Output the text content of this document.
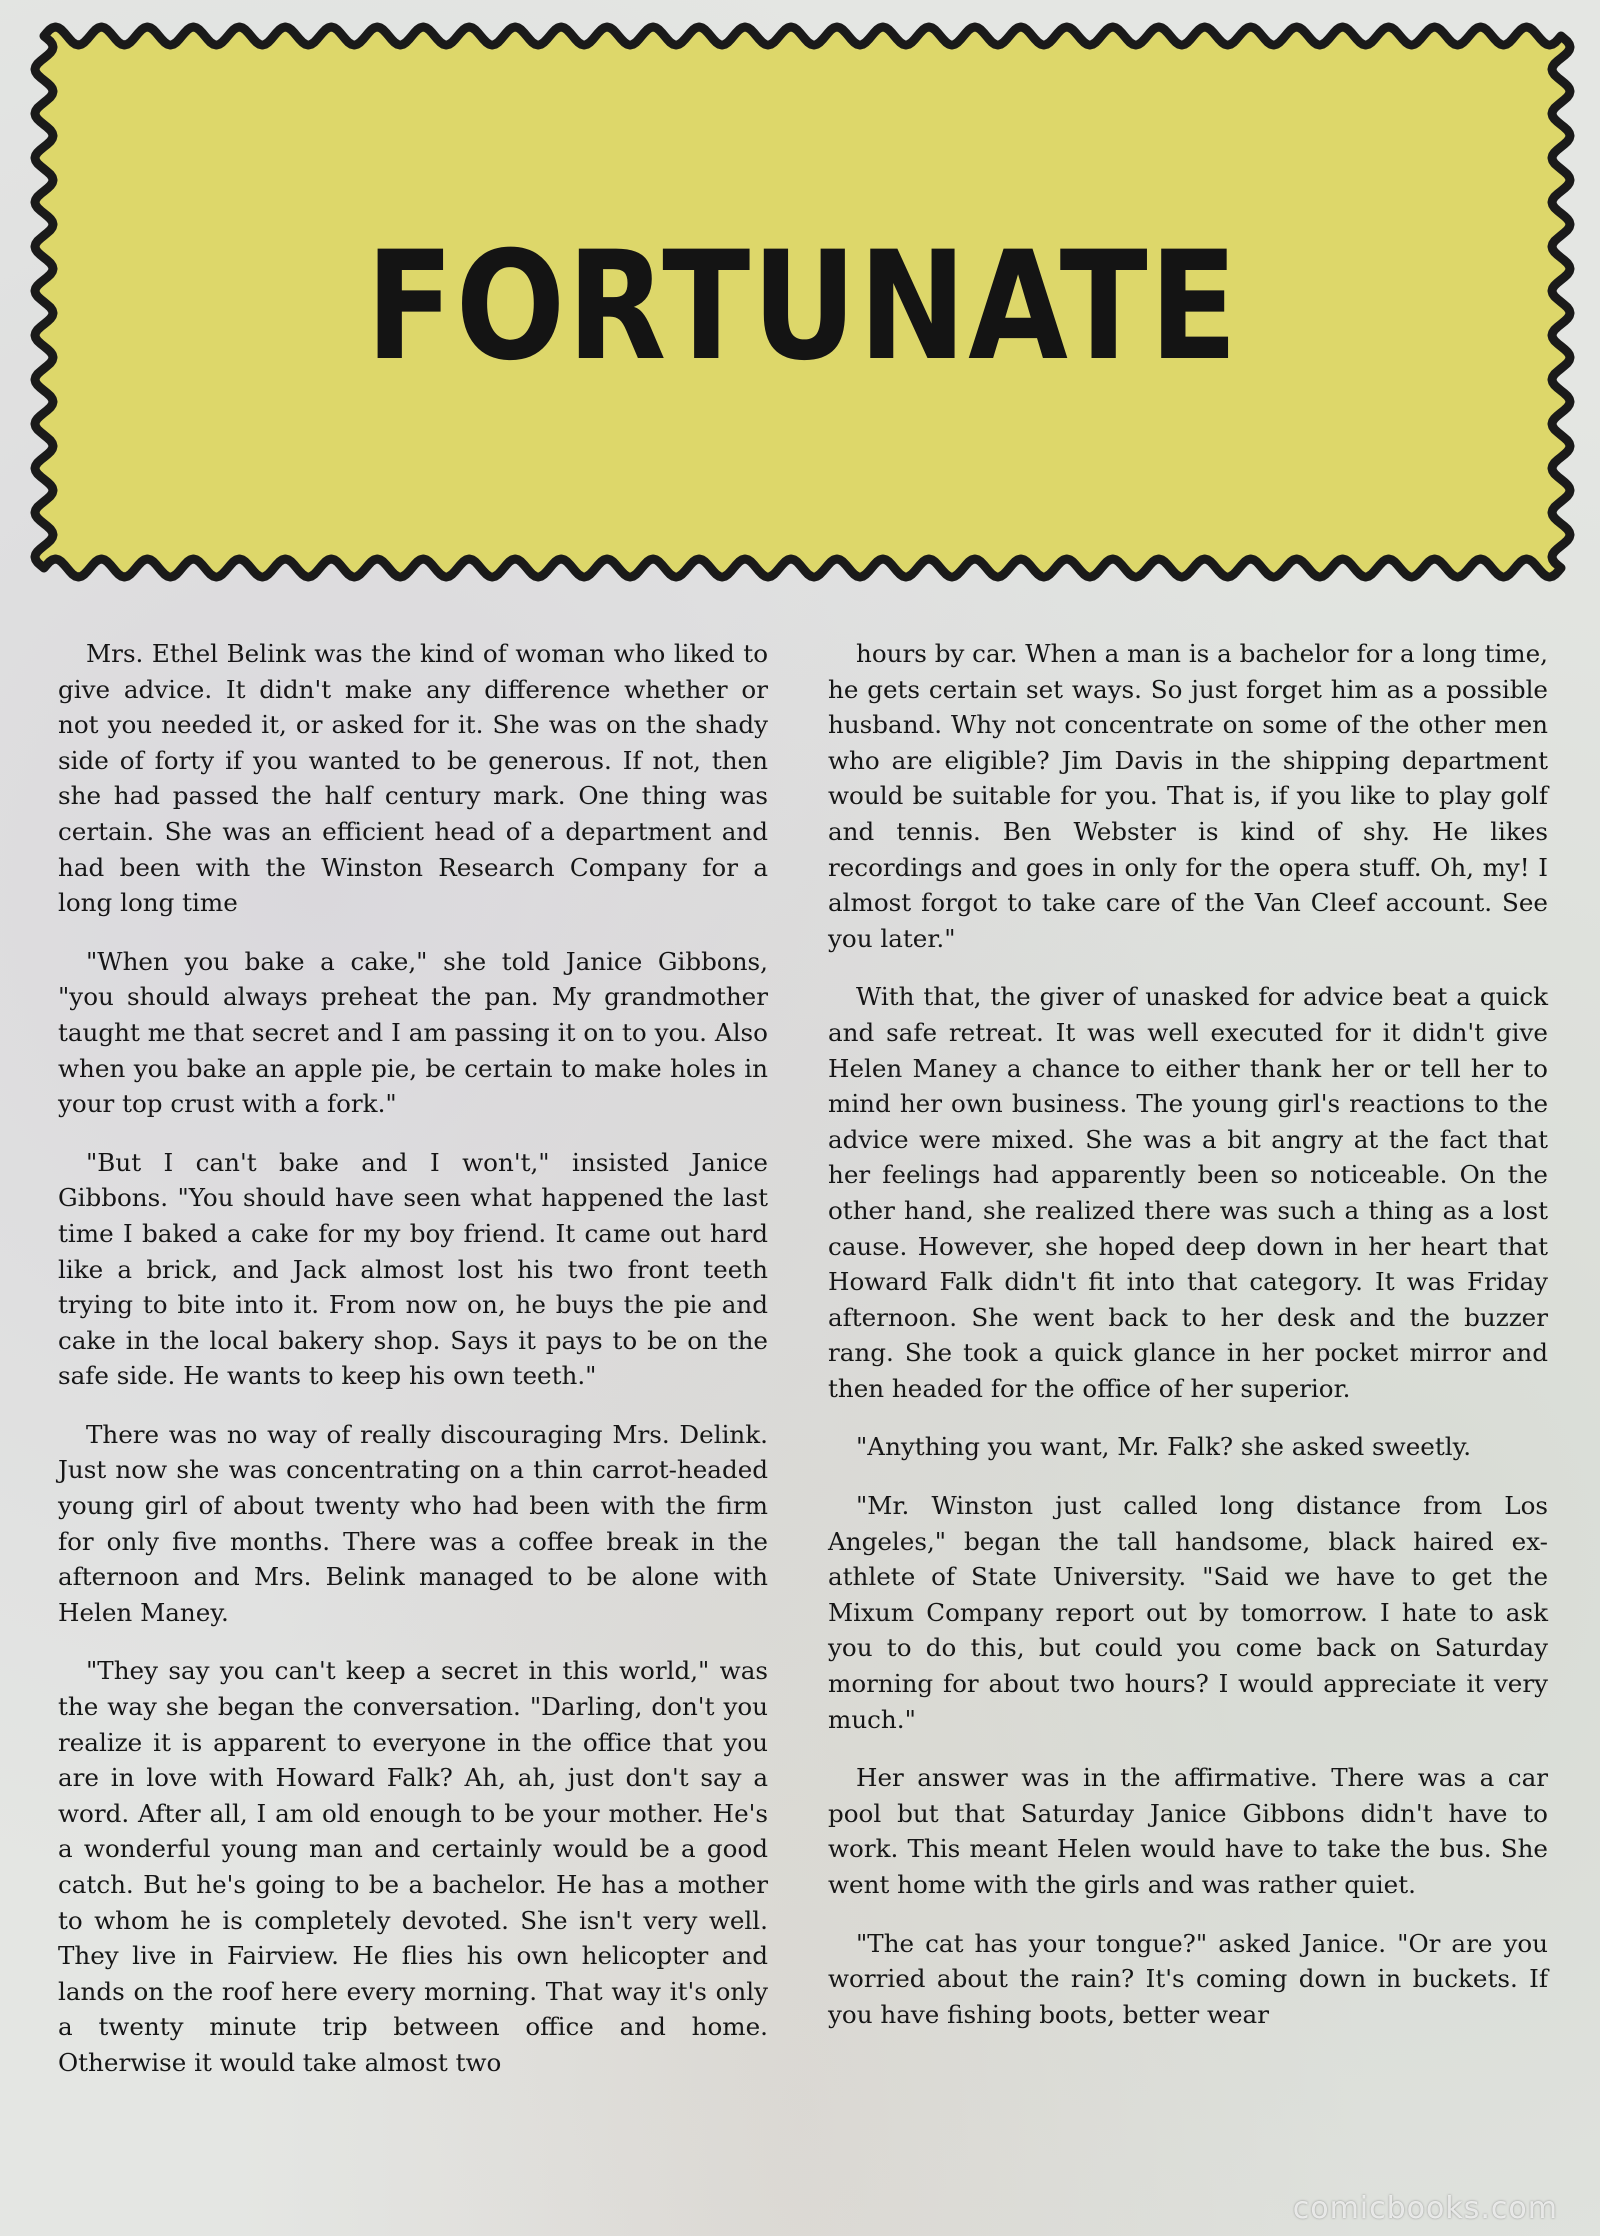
FORTUNATE

Mrs. Ethel Belink was the kind of woman who liked to give advice. It didn't make any difference whether or not you needed it, or asked for it. She was on the shady side of forty if you wanted to be generous. If not, then she had passed the half century mark. One thing was certain. She was an efficient head of a department and had been with the Winston Research Company for a long long time

"When you bake a cake," she told Janice Gibbons, "you should always preheat the pan. My grandmother taught me that secret and I am passing it on to you. Also when you bake an apple pie, be certain to make holes in your top crust with a fork."

"But I can't bake and I won't," insisted Janice Gibbons. "You should have seen what happened the last time I baked a cake for my boy friend. It came out hard like a brick, and Jack almost lost his two front teeth trying to bite into it. From now on, he buys the pie and cake in the local bakery shop. Says it pays to be on the safe side. He wants to keep his own teeth."

There was no way of really discouraging Mrs. Delink. Just now she was concentrating on a thin carrot-headed young girl of about twenty who had been with the firm for only five months. There was a coffee break in the afternoon and Mrs. Belink managed to be alone with Helen Maney.

"They say you can't keep a secret in this world," was the way she began the conversation. "Darling, don't you realize it is apparent to everyone in the office that you are in love with Howard Falk? Ah, ah, just don't say a word. After all, I am old enough to be your mother. He's a wonderful young man and certainly would be a good catch. But he's going to be a bachelor. He has a mother to whom he is completely devoted. She isn't very well. They live in Fairview. He flies his own helicopter and lands on the roof here every morning. That way it's only a twenty minute trip between office and home. Otherwise it would take almost two

hours by car. When a man is a bachelor for a long time, he gets certain set ways. So just forget him as a possible husband. Why not concentrate on some of the other men who are eligible? Jim Davis in the shipping department would be suitable for you. That is, if you like to play golf and tennis. Ben Webster is kind of shy. He likes recordings and goes in only for the opera stuff. Oh, my! I almost forgot to take care of the Van Cleef account. See you later."

With that, the giver of unasked for advice beat a quick and safe retreat. It was well executed for it didn't give Helen Maney a chance to either thank her or tell her to mind her own business. The young girl's reactions to the advice were mixed. She was a bit angry at the fact that her feelings had apparently been so noticeable. On the other hand, she realized there was such a thing as a lost cause. However, she hoped deep down in her heart that Howard Falk didn't fit into that category. It was Friday afternoon. She went back to her desk and the buzzer rang. She took a quick glance in her pocket mirror and then headed for the office of her superior.

"Anything you want, Mr. Falk? she asked sweetly.

"Mr. Winston just called long distance from Los Angeles," began the tall handsome, black haired ex-athlete of State University. "Said we have to get the Mixum Company report out by tomorrow. I hate to ask you to do this, but could you come back on Saturday morning for about two hours? I would appreciate it very much."

Her answer was in the affirmative. There was a car pool but that Saturday Janice Gibbons didn't have to work. This meant Helen would have to take the bus. She went home with the girls and was rather quiet.

"The cat has your tongue?" asked Janice. "Or are you worried about the rain? It's coming down in buckets. If you have fishing boots, better wear

comicbooks.com
